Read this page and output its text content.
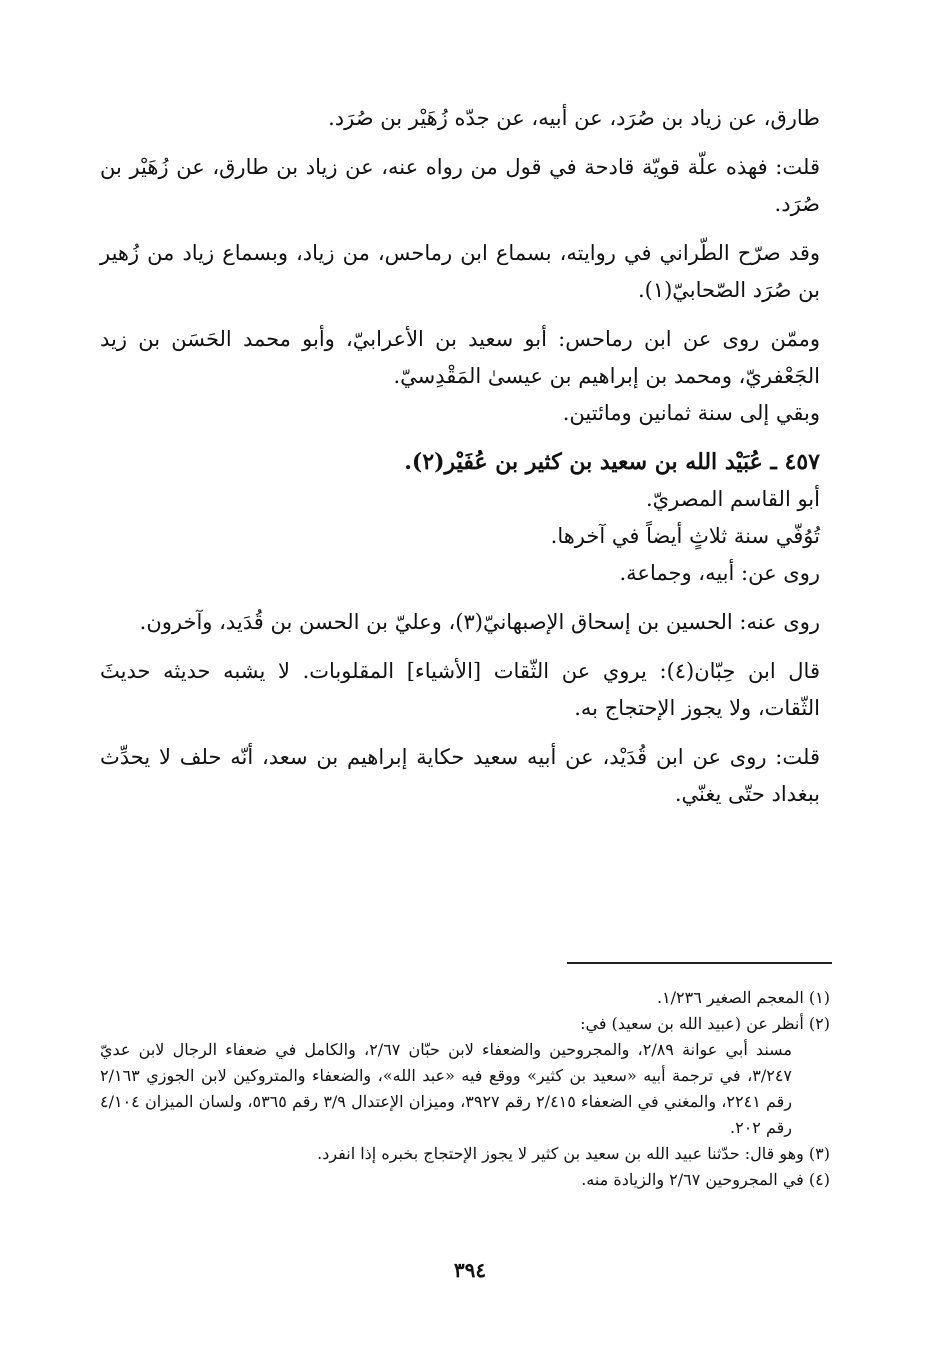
طارق، عن زياد بن صُرَد، عن أبيه، عن جدّه زُهَيْر بن صُرَد.

قلت: فهذه علّة قويّة قادحة في قول من رواه عنه، عن زياد بن طارق، عن زُهَيْر بن صُرَد.

وقد صرّح الطّراني في روايته، بسماع ابن رماحس، من زياد، وبسماع زياد من زُهير بن صُرَد الصّحابيّ(١).

وممّن روى عن ابن رماحس: أبو سعيد بن الأعرابيّ، وأبو محمد الحَسَن بن زيد الجَعْفريّ، ومحمد بن إبراهيم بن عيسىٰ المَقْدِسيّ.

وبقي إلى سنة ثمانين ومائتين.

٤٥٧ ـ عُبَيْد الله بن سعيد بن كثير بن عُفَيْر(٢).

أبو القاسم المصريّ.

تُوُفّي سنة ثلاثٍ أيضاً في آخرها.

روى عن: أبيه، وجماعة.

روى عنه: الحسين بن إسحاق الإصبهانيّ(٣)، وعليّ بن الحسن بن قُدَيد، وآخرون.

قال ابن حِبّان(٤): يروي عن الثّقات [الأشياء] المقلوبات. لا يشبه حديثه حديثَ الثّقات، ولا يجوز الإحتجاج به.

قلت: روى عن ابن قُدَيْد، عن أبيه سعيد حكاية إبراهيم بن سعد، أنّه حلف لا يحدِّث ببغداد حتّى يغنّي.

(١) المعجم الصغير ١/٢٣٦.

(٢) أنظر عن (عبيد الله بن سعيد) في:

مسند أبي عوانة ٢/٨٩، والمجروحين والضعفاء لابن حبّان ٢/٦٧، والكامل في ضعفاء الرجال لابن عديّ ٣/٢٤٧، في ترجمة أبيه «سعيد بن كثير» ووقع فيه «عبد الله»، والضعفاء والمتروكين لابن الجوزي ٢/١٦٣ رقم ٢٢٤١، والمغني في الضعفاء ٢/٤١٥ رقم ٣٩٢٧، وميزان الإعتدال ٣/٩ رقم ٥٣٦٥، ولسان الميزان ٤/١٠٤ رقم ٢٠٢.

(٣) وهو قال: حدّثنا عبيد الله بن سعيد بن كثير لا يجوز الإحتجاج بخبره إذا انفرد.

(٤) في المجروحين ٢/٦٧ والزيادة منه.

٣٩٤
